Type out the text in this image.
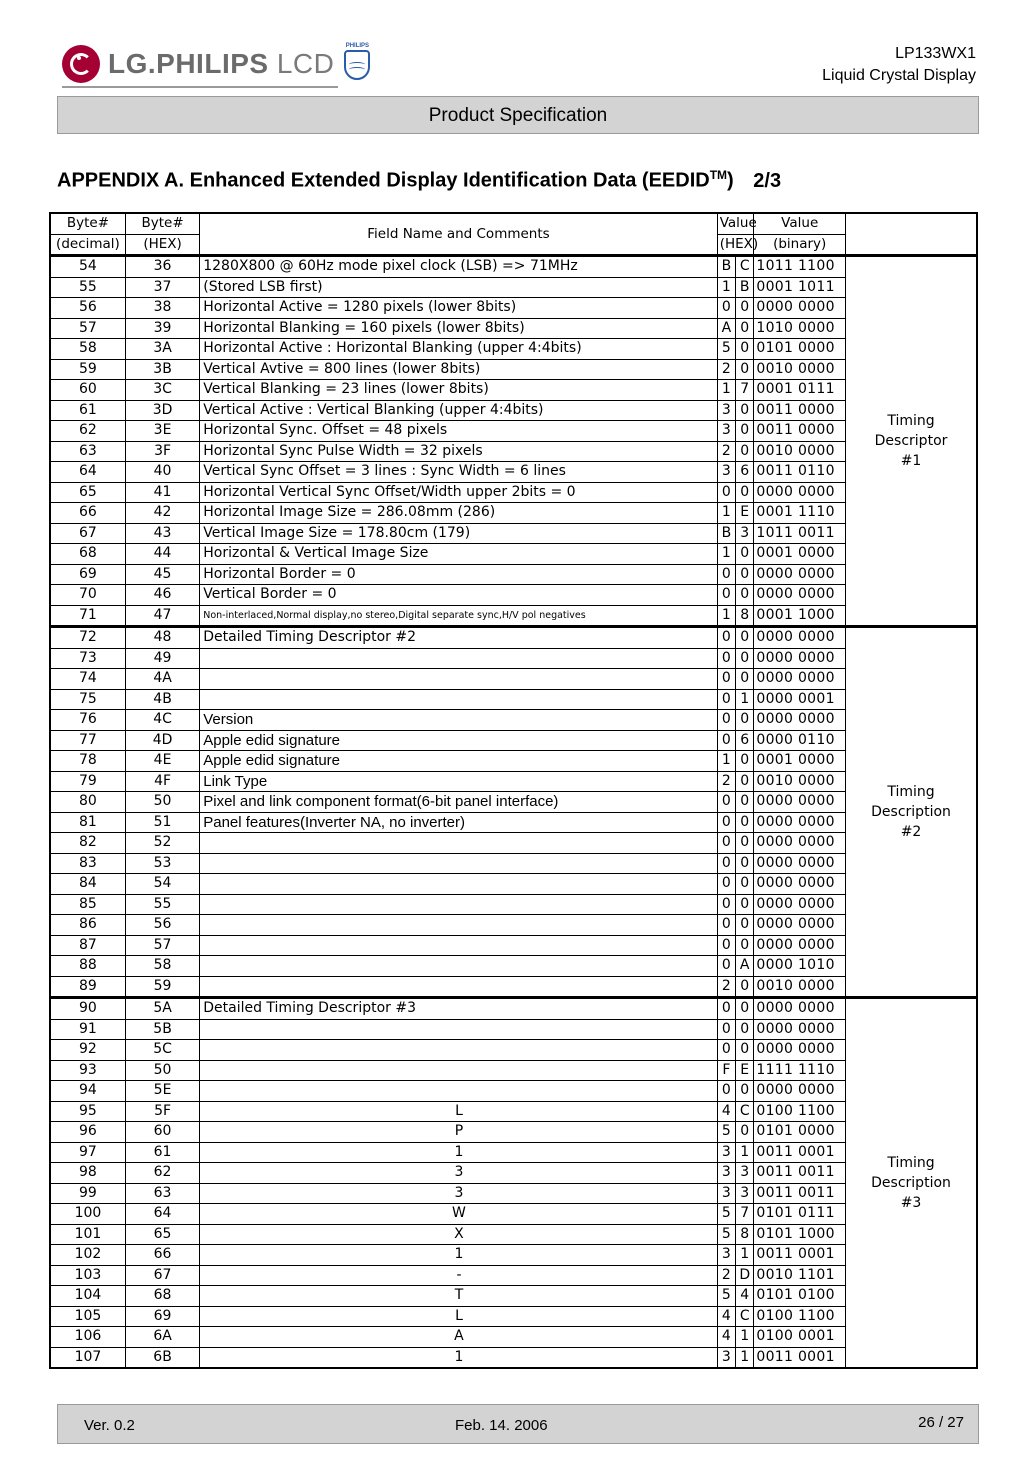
LG.PHILIPS LCD
PHILIPS	LP133WX1
Liquid Crystal Display
Product Specification
APPENDIX A. Enhanced Extended Display Identification Data (EEDID™) 2/3
Byte#	Byte#	Field Name and Comments	Value		Value	
(decimal)	(HEX)		(HEX)		(binary)	
54	36	1280X800 @ 60Hz mode pixel clock (LSB) => 71MHz	B	C	1011 1100	Timing
Descriptor
#1

55	37	(Stored LSB first)	1	B	0001 1011	
56	38	Horizontal Active = 1280 pixels (lower 8bits)	0	0	0000 0000	
57	39	Horizontal Blanking = 160 pixels (lower 8bits)	A	0	1010 0000	
58	3A	Horizontal Active : Horizontal Blanking (upper 4:4bits)	5	0	0101 0000	
59	3B	Vertical Avtive = 800 lines (lower 8bits)	2	0	0010 0000	
60	3C	Vertical Blanking = 23 lines (lower 8bits)	1	7	0001 0111	
61	3D	Vertical Active : Vertical Blanking (upper 4:4bits)	3	0	0011 0000	
62	3E	Horizontal Sync. Offset = 48 pixels	3	0	0011 0000	
63	3F	Horizontal Sync Pulse Width = 32 pixels	2	0	0010 0000	
64	40	Vertical Sync Offset = 3 lines : Sync Width = 6 lines	3	6	0011 0110	
65	41	Horizontal Vertical Sync Offset/Width upper 2bits = 0	0	0	0000 0000	
66	42	Horizontal Image Size = 286.08mm (286)	1	E	0001 1110	
67	43	Vertical Image Size = 178.80cm (179)	B	3	1011 0011	
68	44	Horizontal & Vertical Image Size	1	0	0001 0000	
69	45	Horizontal Border = 0	0	0	0000 0000	
70	46	Vertical Border = 0	0	0	0000 0000	
71	47	Non-interlaced,Normal display,no stereo,Digital separate sync,H/V pol negatives	1	8	0001 1000	
72	48	Detailed Timing Descriptor #2	0	0	0000 0000	Timing
Description
#2

73	49		0	0	0000 0000	
74	4A		0	0	0000 0000	
75	4B		0	1	0000 0001	
76	4C	Version	0	0	0000 0000	
77	4D	Apple edid signature	0	6	0000 0110	
78	4E	Apple edid signature	1	0	0001 0000	
79	4F	Link Type	2	0	0010 0000	
80	50	Pixel and link component format(6-bit panel interface)	0	0	0000 0000	
81	51	Panel features(Inverter NA, no inverter)	0	0	0000 0000	
82	52		0	0	0000 0000	
83	53		0	0	0000 0000	
84	54		0	0	0000 0000	
85	55		0	0	0000 0000	
86	56		0	0	0000 0000	
87	57		0	0	0000 0000	
88	58		0	A	0000 1010	
89	59		2	0	0010 0000	
90	5A	Detailed Timing Descriptor #3	0	0	0000 0000	Timing
Description
#3

91	5B		0	0	0000 0000	
92	5C		0	0	0000 0000	
93	50		F	E	1111 1110	
94	5E		0	0	0000 0000	
95	5F	L	4	C	0100 1100	
96	60	P	5	0	0101 0000	
97	61	1	3	1	0011 0001	
98	62	3	3	3	0011 0011	
99	63	3	3	3	0011 0011	
100	64	W	5	7	0101 0111	
101	65	X	5	8	0101 1000	
102	66	1	3	1	0011 0001	
103	67	-	2	D	0010 1101	
104	68	T	5	4	0101 0100	
105	69	L	4	C	0100 1100	
106	6A	A	4	1	0100 0001	
107	6B	1	3	1	0011 0001	
Ver. 0.2	Feb. 14. 2006	26 / 27
